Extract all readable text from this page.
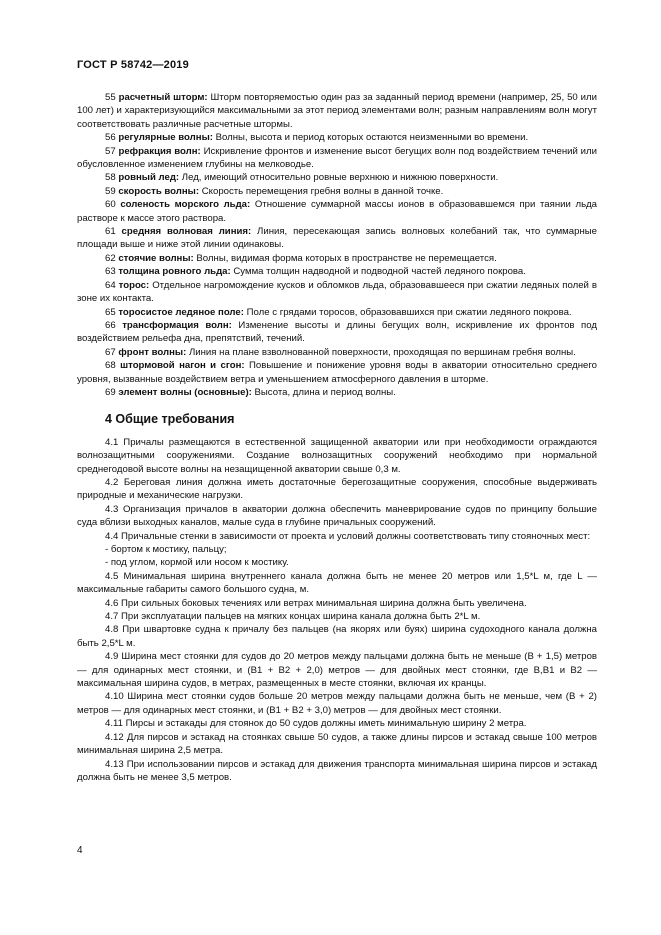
ГОСТ Р 58742—2019

55 расчетный шторм: Шторм повторяемостью один раз за заданный период времени (например, 25, 50 или 100 лет) и характеризующийся максимальными за этот период элементами волн; разным направлениям волн могут соответствовать различные расчетные штормы.

56 регулярные волны: Волны, высота и период которых остаются неизменными во времени.

57 рефракция волн: Искривление фронтов и изменение высот бегущих волн под воздействием течений или обусловленное изменением глубины на мелководье.

58 ровный лед: Лед, имеющий относительно ровные верхнюю и нижнюю поверхности.

59 скорость волны: Скорость перемещения гребня волны в данной точке.

60 соленость морского льда: Отношение суммарной массы ионов в образовавшемся при таянии льда растворе к массе этого раствора.

61 средняя волновая линия: Линия, пересекающая запись волновых колебаний так, что суммарные площади выше и ниже этой линии одинаковы.

62 стоячие волны: Волны, видимая форма которых в пространстве не перемещается.

63 толщина ровного льда: Сумма толщин надводной и подводной частей ледяного покрова.

64 торос: Отдельное нагромождение кусков и обломков льда, образовавшееся при сжатии ледяных полей в зоне их контакта.

65 торосистое ледяное поле: Поле с грядами торосов, образовавшихся при сжатии ледяного покрова.

66 трансформация волн: Изменение высоты и длины бегущих волн, искривление их фронтов под воздействием рельефа дна, препятствий, течений.

67 фронт волны: Линия на плане взволнованной поверхности, проходящая по вершинам гребня волны.

68 штормовой нагон и сгон: Повышение и понижение уровня воды в акватории относительно среднего уровня, вызванные воздействием ветра и уменьшением атмосферного давления в шторме.

69 элемент волны (основные): Высота, длина и период волны.

4 Общие требования

4.1 Причалы размещаются в естественной защищенной акватории или при необходимости ограждаются волнозащитными сооружениями. Создание волнозащитных сооружений необходимо при нормальной среднегодовой высоте волны на незащищенной акватории свыше 0,3 м.

4.2 Береговая линия должна иметь достаточные берегозащитные сооружения, способные выдерживать природные и механические нагрузки.

4.3 Организация причалов в акватории должна обеспечить маневрирование судов по принципу большие суда вблизи выходных каналов, малые суда в глубине причальных сооружений.

4.4 Причальные стенки в зависимости от проекта и условий должны соответствовать типу стояночных мест:

- бортом к мостику, пальцу;

- под углом, кормой или носом к мостику.

4.5 Минимальная ширина внутреннего канала должна быть не менее 20 метров или 1,5*L м, где L — максимальные габариты самого большого судна, м.

4.6 При сильных боковых течениях или ветрах минимальная ширина должна быть увеличена.

4.7 При эксплуатации пальцев на мягких концах ширина канала должна быть 2*L м.

4.8 При швартовке судна к причалу без пальцев (на якорях или буях) ширина судоходного канала должна быть 2,5*L м.

4.9 Ширина мест стоянки для судов до 20 метров между пальцами должна быть не меньше (B + 1,5) метров — для одинарных мест стоянки, и (B1 + B2 + 2,0) метров — для двойных мест стоянки, где B,B1 и B2 — максимальная ширина судов, в метрах, размещенных в месте стоянки, включая их кранцы.

4.10 Ширина мест стоянки судов больше 20 метров между пальцами должна быть не меньше, чем (B + 2) метров — для одинарных мест стоянки, и (B1 + B2 + 3,0) метров — для двойных мест стоянки.

4.11 Пирсы и эстакады для стоянок до 50 судов должны иметь минимальную ширину 2 метра.

4.12 Для пирсов и эстакад на стоянках свыше 50 судов, а также длины пирсов и эстакад свыше 100 метров минимальная ширина 2,5 метра.

4.13 При использовании пирсов и эстакад для движения транспорта минимальная ширина пирсов и эстакад должна быть не менее 3,5 метров.

4
